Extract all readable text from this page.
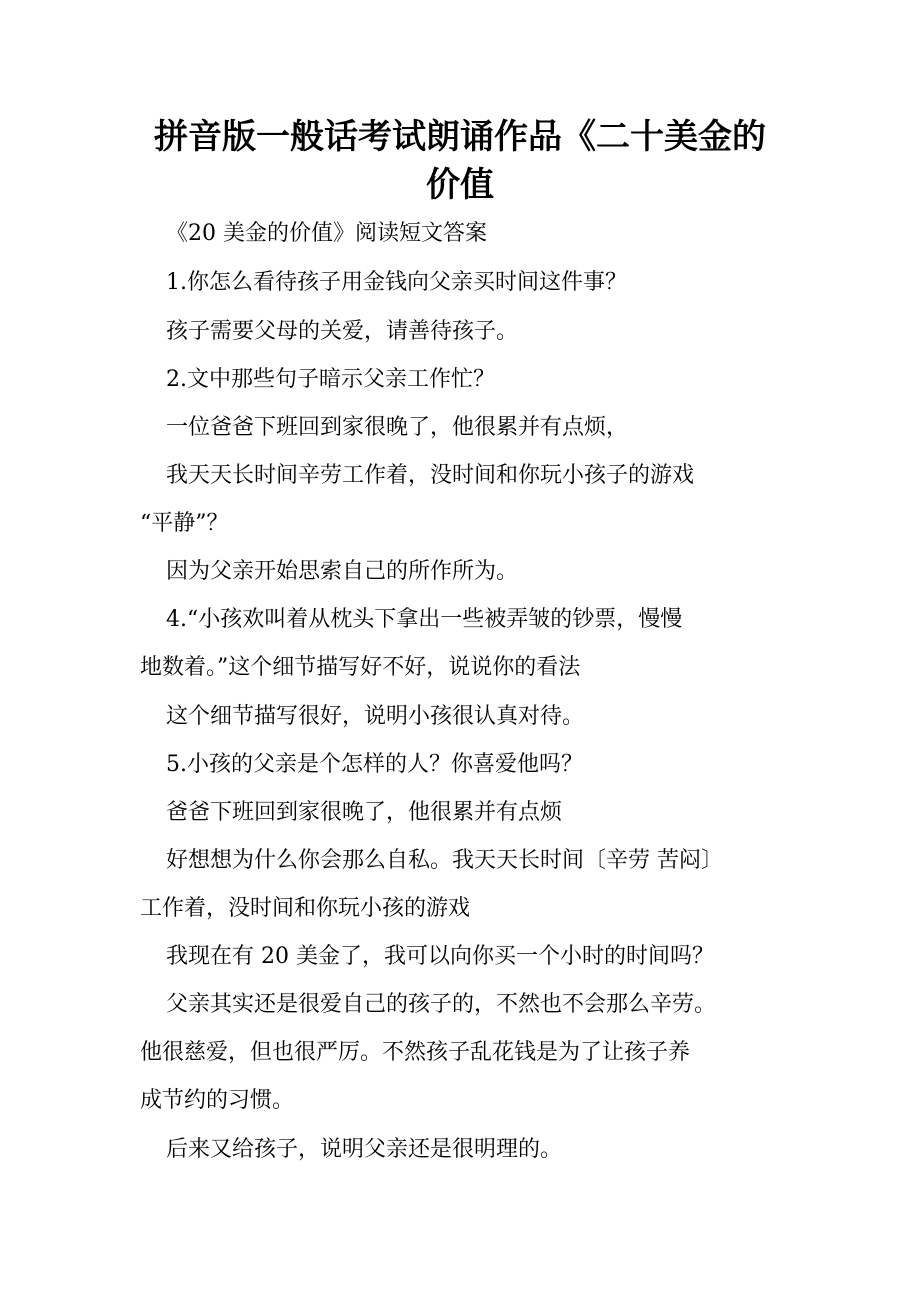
拼音版一般话考试朗诵作品《二十美金的
价值
《20 美金的价值》阅读短文答案
1.你怎么看待孩子用金钱向父亲买时间这件事？
孩子需要父母的关爱，请善待孩子。
2.文中那些句子暗示父亲工作忙？
一位爸爸下班回到家很晚了，他很累并有点烦，
我天天长时间辛劳工作着，没时间和你玩小孩子的游戏
“平静”？
因为父亲开始思索自己的所作所为。
4.“小孩欢叫着从枕头下拿出一些被弄皱的钞票，慢慢
地数着。”这个细节描写好不好，说说你的看法
这个细节描写很好，说明小孩很认真对待。
5.小孩的父亲是个怎样的人？你喜爱他吗？
爸爸下班回到家很晚了，他很累并有点烦
好想想为什么你会那么自私。我天天长时间〔辛劳 苦闷〕
工作着，没时间和你玩小孩的游戏
我现在有 20 美金了，我可以向你买一个小时的时间吗？
父亲其实还是很爱自己的孩子的，不然也不会那么辛劳。
他很慈爱，但也很严厉。不然孩子乱花钱是为了让孩子养
成节约的习惯。
后来又给孩子，说明父亲还是很明理的。
